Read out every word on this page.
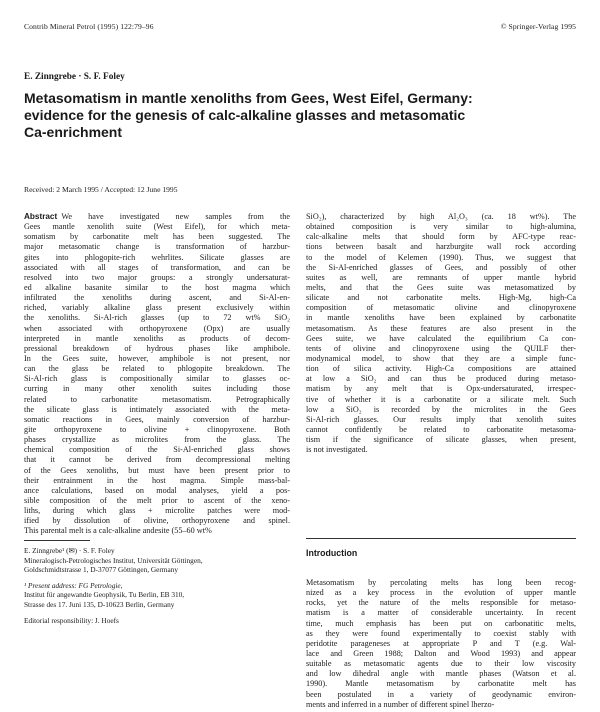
Contrib Mineral Petrol (1995) 122:79–96	© Springer-Verlag 1995
E. Zinngrebe · S. F. Foley
Metasomatism in mantle xenoliths from Gees, West Eifel, Germany:
evidence for the genesis of calc-alkaline glasses and metasomatic
Ca-enrichment
Received: 2 March 1995 / Accepted: 12 June 1995
Abstract  We have investigated new samples from the
Gees mantle xenolith suite (West Eifel), for which meta-
somatism by carbonatite melt has been suggested. The
major metasomatic change is transformation of harzbur-
gites into phlogopite-rich wehrlites. Silicate glasses are
associated with all stages of transformation, and can be
resolved into two major groups: a strongly undersaturat-
ed alkaline basanite similar to the host magma which
infiltrated the xenoliths during ascent, and Si-Al-en-
riched, variably alkaline glass present exclusively within
the xenoliths. Si-Al-rich glasses (up to 72 wt% SiO₂
when associated with orthopyroxene (Opx) are usually
interpreted in mantle xenoliths as products of decom-
pressional breakdown of hydrous phases like amphibole.
In the Gees suite, however, amphibole is not present, nor
can the glass be related to phlogopite breakdown. The
Si-Al-rich glass is compositionally similar to glasses oc-
curring in many other xenolith suites including those
related to carbonatite metasomatism. Petrographically
the silicate glass is intimately associated with the meta-
somatic reactions in Gees, mainly conversion of harzbur-
gite orthopyroxene to olivine + clinopyroxene. Both
phases crystallize as microlites from the glass. The
chemical composition of the Si-Al-enriched glass shows
that it cannot be derived from decompressional melting
of the Gees xenoliths, but must have been present prior to
their entrainment in the host magma. Simple mass-bal-
ance calculations, based on modal analyses, yield a pos-
sible composition of the melt prior to ascent of the xeno-
liths, during which glass + microlite patches were mod-
ified by dissolution of olivine, orthopyroxene and spinel.
This parental melt is a calc-alkaline andesite (55–60 wt%
SiO₂), characterized by high Al₂O₃ (ca. 18 wt%). The
obtained composition is very similar to high-alumina,
calc-alkaline melts that should form by AFC-type reac-
tions between basalt and harzburgite wall rock according
to the model of Kelemen (1990). Thus, we suggest that
the Si-Al-enriched glasses of Gees, and possibly of other
suites as well, are remnants of upper mantle hybrid
melts, and that the Gees suite was metasomatized by
silicate and not carbonatite melts. High-Mg, high-Ca
composition of metasomatic olivine and clinopyroxene
in mantle xenoliths have been explained by carbonatite
metasomatism. As these features are also present in the
Gees suite, we have calculated the equilibrium Ca con-
tents of olivine and clinopyroxene using the QUILF ther-
modynamical model, to show that they are a simple func-
tion of silica activity. High-Ca compositions are attained
at low a SiO₂ and can thus be produced during metaso-
matism by any melt that is Opx-undersaturated, irrespec-
tive of whether it is a carbonatite or a silicate melt. Such
low a SiO₂ is recorded by the microlites in the Gees
Si-Al-rich glasses. Our results imply that xenolith suites
cannot confidently be related to carbonatite metasoma-
tism if the significance of silicate glasses, when present,
is not investigated.
Introduction
Metasomatism by percolating melts has long been recog-
nized as a key process in the evolution of upper mantle
rocks, yet the nature of the melts responsible for metaso-
matism is a matter of considerable uncertainty. In recent
time, much emphasis has been put on carbonatitic melts,
as they were found experimentally to coexist stably with
peridotite parageneses at appropriate P and T (e.g. Wal-
lace and Green 1988; Dalton and Wood 1993) and appear
suitable as metasomatic agents due to their low viscosity
and low dihedral angle with mantle phases (Watson et al.
1990). Mantle metasomatism by carbonatite melt has
been postulated in a variety of geodynamic environ-
ments and inferred in a number of different spinel lherzo-
E. Zinngrebe¹ (✉) · S. F. Foley
Mineralogisch-Petrologisches Institut, Universität Göttingen,
Goldschmidtstrasse 1, D-37077 Göttingen, Germany
¹ Present address: FG Petrologie,
Institut für angewandte Geophysik, Tu Berlin, EB 310,
Strasse des 17. Juni 135, D-10623 Berlin, Germany
Editorial responsibility: J. Hoefs
